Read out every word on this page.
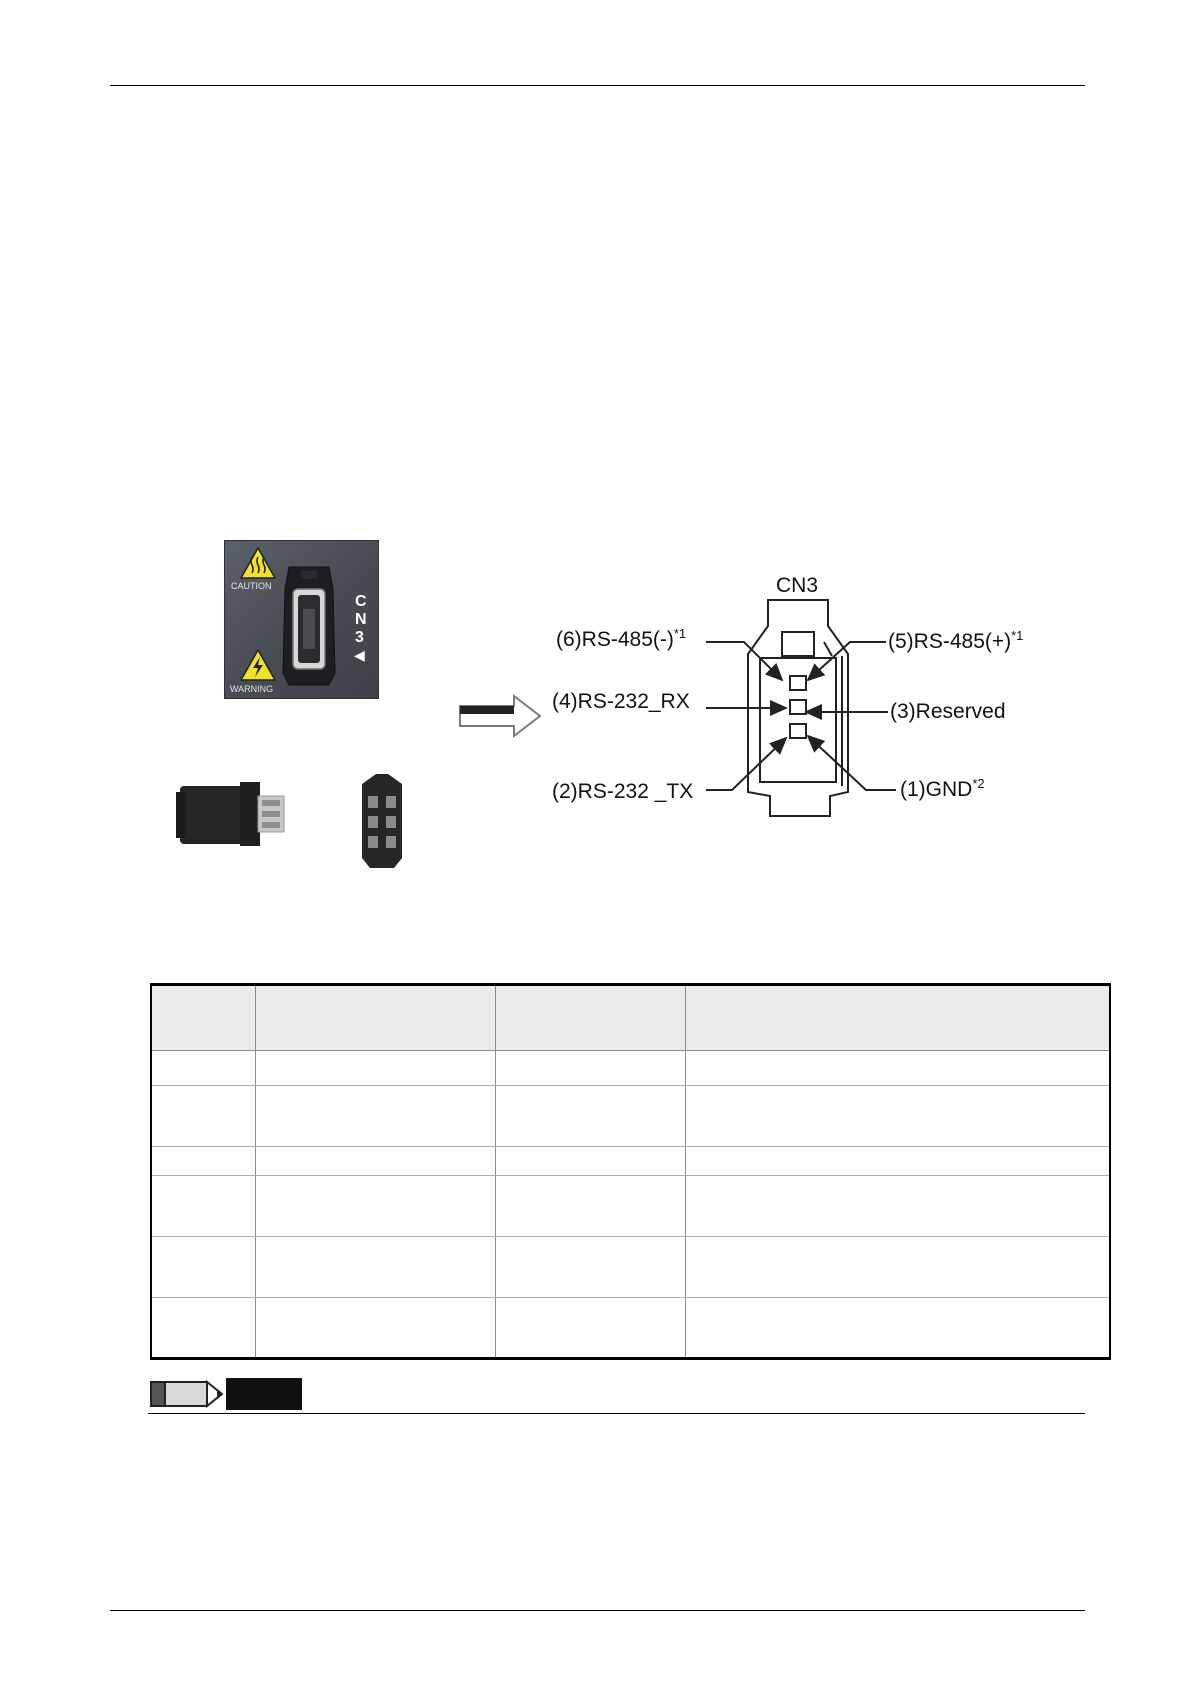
CAUTION
WARNING
C
N
3
◀
CN3
$(6)RS-485(-)^{*1}$	$(5)RS-485(+)^{*1}$
(4)RS-232_RX	(3)Reserved
(2)RS-232 _TX	(1)GND$^{*2}$
